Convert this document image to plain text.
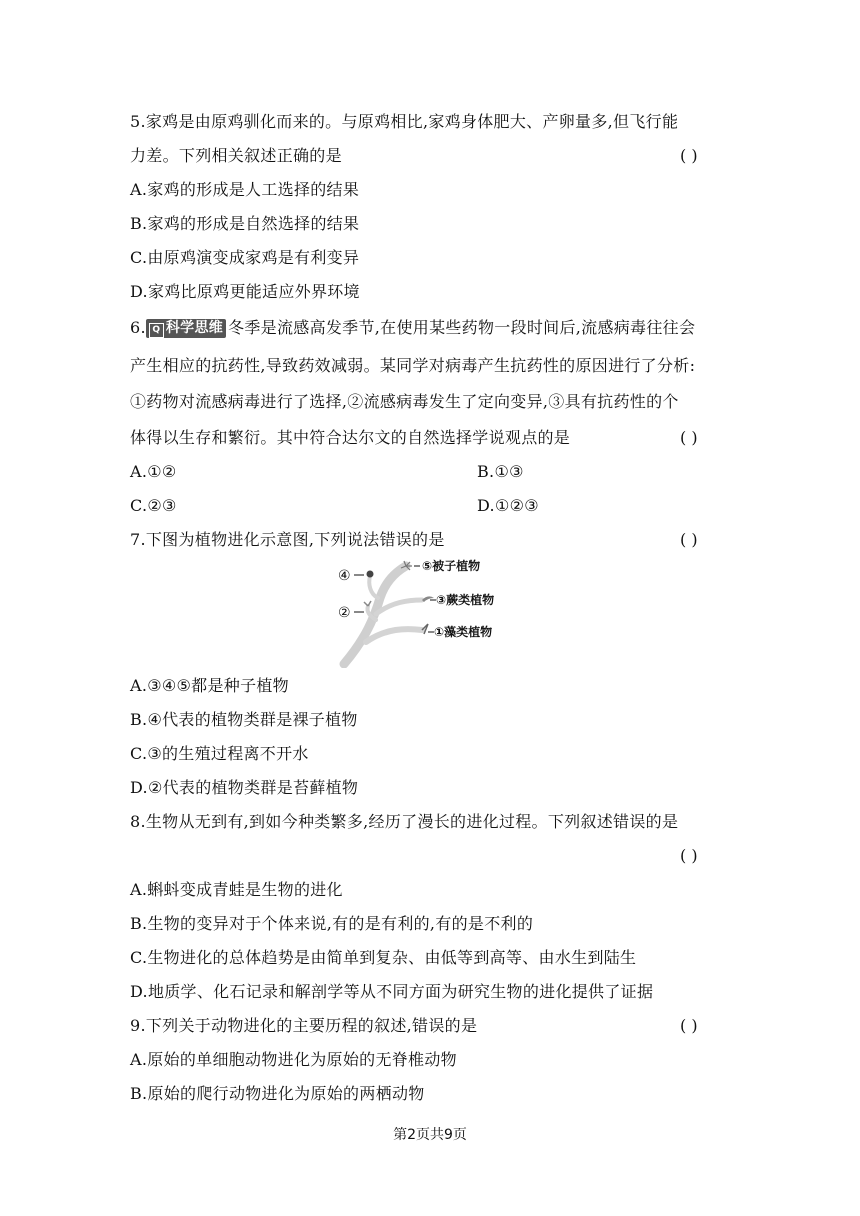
5.家鸡是由原鸡驯化而来的。与原鸡相比,家鸡身体肥大、产卵量多,但飞行能
力差。下列相关叙述正确的是	( )
A.家鸡的形成是人工选择的结果
B.家鸡的形成是自然选择的结果
C.由原鸡演变成家鸡是有利变异
D.家鸡比原鸡更能适应外界环境
6. Q 科学思维 冬季是流感高发季节,在使用某些药物一段时间后,流感病毒往往会
产生相应的抗药性,导致药效减弱。某同学对病毒产生抗药性的原因进行了分析:
①药物对流感病毒进行了选择,②流感病毒发生了定向变异,③具有抗药性的个
体得以生存和繁衍。其中符合达尔文的自然选择学说观点的是	( )
A.①②	B.①③
C.②③	D.①②③
7.下图为植物进化示意图,下列说法错误的是	( )
⑤被子植物
③蕨类植物
①藻类植物
④
②
A.③④⑤都是种子植物
B.④代表的植物类群是裸子植物
C.③的生殖过程离不开水
D.②代表的植物类群是苔藓植物
8.生物从无到有,到如今种类繁多,经历了漫长的进化过程。下列叙述错误的是
( )
A.蝌蚪变成青蛙是生物的进化
B.生物的变异对于个体来说,有的是有利的,有的是不利的
C.生物进化的总体趋势是由简单到复杂、由低等到高等、由水生到陆生
D.地质学、化石记录和解剖学等从不同方面为研究生物的进化提供了证据
9.下列关于动物进化的主要历程的叙述,错误的是	( )
A.原始的单细胞动物进化为原始的无脊椎动物
B.原始的爬行动物进化为原始的两栖动物
第2页共9页
